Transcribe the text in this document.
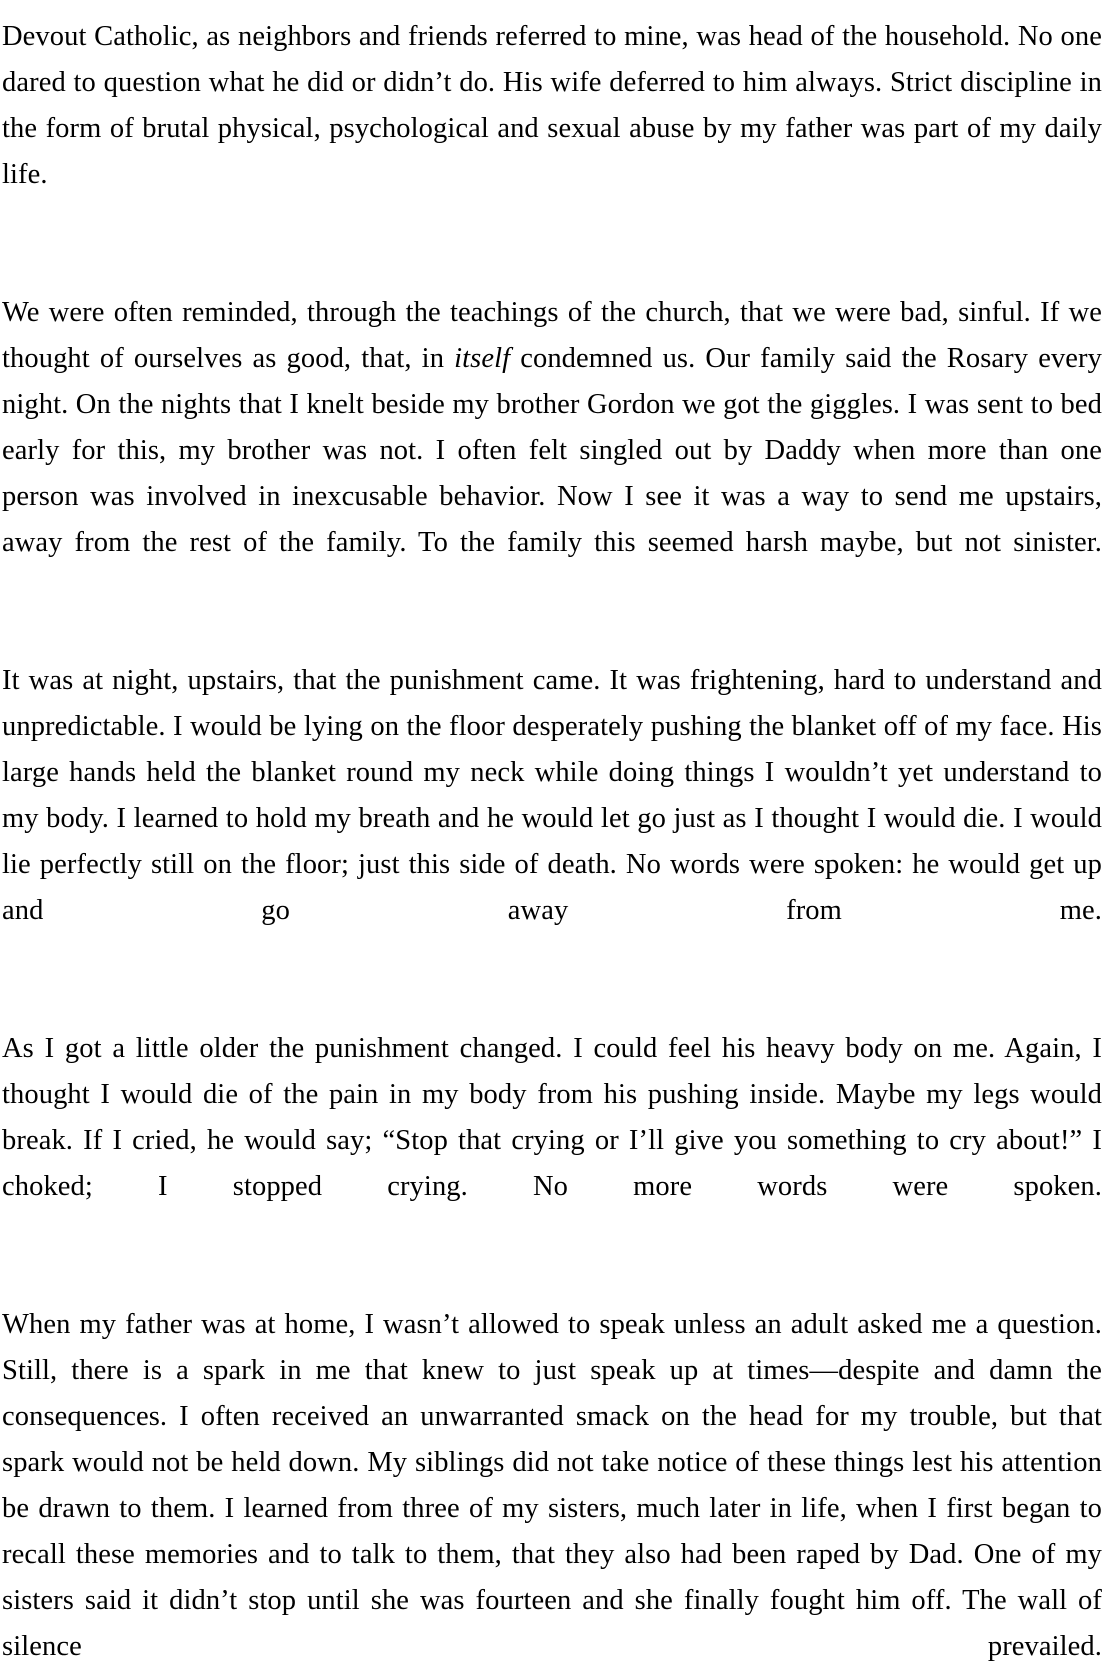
Devout Catholic, as neighbors and friends referred to mine, was head of the household. No one dared to question what he did or didn’t do. His wife deferred to him always. Strict discipline in the form of brutal physical, psychological and sexual abuse by my father was part of my daily life.

We were often reminded, through the teachings of the church, that we were bad, sinful. If we thought of ourselves as good, that, in itself condemned us. Our family said the Rosary every night. On the nights that I knelt beside my brother Gordon we got the giggles. I was sent to bed early for this, my brother was not. I often felt singled out by Daddy when more than one person was involved in inexcusable behavior. Now I see it was a way to send me upstairs, away from the rest of the family. To the family this seemed harsh maybe, but not sinister.

It was at night, upstairs, that the punishment came. It was frightening, hard to understand and unpredictable. I would be lying on the floor desperately pushing the blanket off of my face. His large hands held the blanket round my neck while doing things I wouldn’t yet understand to my body. I learned to hold my breath and he would let go just as I thought I would die. I would lie perfectly still on the floor; just this side of death. No words were spoken: he would get up and go away from me.

As I got a little older the punishment changed. I could feel his heavy body on me. Again, I thought I would die of the pain in my body from his pushing inside. Maybe my legs would break. If I cried, he would say; “Stop that crying or I’ll give you something to cry about!” I choked; I stopped crying. No more words were spoken.

When my father was at home, I wasn’t allowed to speak unless an adult asked me a question. Still, there is a spark in me that knew to just speak up at times—despite and damn the consequences. I often received an unwarranted smack on the head for my trouble, but that spark would not be held down. My siblings did not take notice of these things lest his attention be drawn to them. I learned from three of my sisters, much later in life, when I first began to recall these memories and to talk to them, that they also had been raped by Dad. One of my sisters said it didn’t stop until she was fourteen and she finally fought him off. The wall of silence prevailed.
